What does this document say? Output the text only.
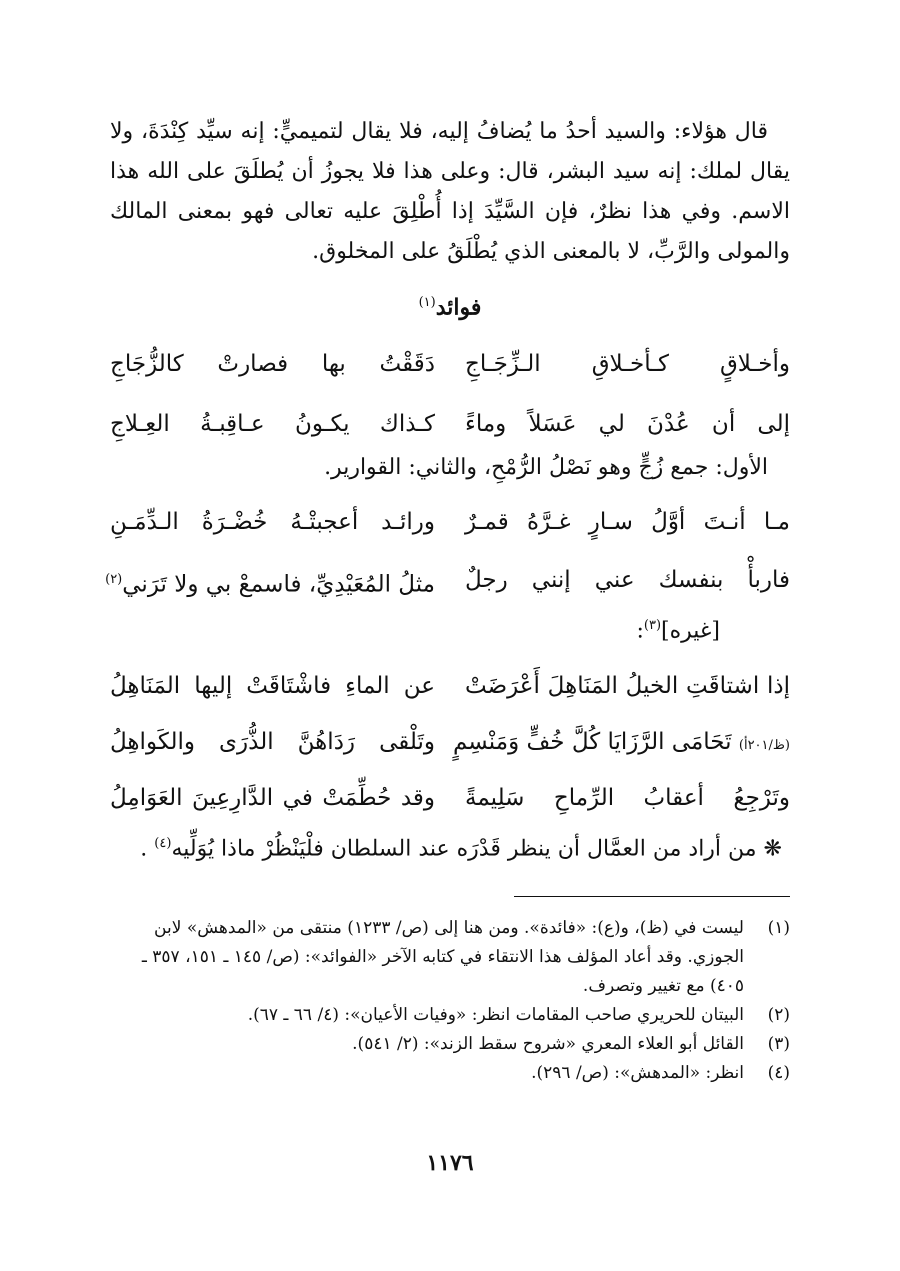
قال هؤلاء: والسيد أحدُ ما يُضافُ إليه، فلا يقال لتميميٍّ: إنه سيِّد كِنْدَةَ، ولا يقال لملك: إنه سيد البشر، قال: وعلى هذا فلا يجوزُ أن يُطلَقَ على الله هذا الاسم. وفي هذا نظرٌ، فإن السَّيِّدَ إذا أُطْلِقَ عليه تعالى فهو بمعنى المالك والمولى والرَّبِّ، لا بالمعنى الذي يُطْلَقُ على المخلوق.

فوائد$^{(١)}$
وأخـلاقٍ كـأخـلاقِ الـزِّجَـاجِ
دَقَقْتُ بها فصارتْ كالزُّجَاجِ
إلى أن عُدْنَ لي عَسَلاً وماءً
كـذاك يكـونُ عـاقِبـةُ العِـلاجِ
الأول: جمع زُجٍّ وهو نَصْلُ الرُّمْحِ، والثاني: القوارير.
مـا أنـتَ أوَّلُ سـارٍ غـرَّهُ قمـرٌ
ورائـد أعجبتْـهُ خُضْـرَةُ الـدِّمَـنِ
فاربأْ بنفسك عني إنني رجلٌ
مثلُ المُعَيْدِيِّ، فاسمعْ بي ولا تَرَني$^{(٢)}$
[غيره]$^{(٣)}$:
إذا اشتاقَتِ الخيلُ المَنَاهِلَ أَعْرَضَتْ
عن الماءِ فاشْتَاقَتْ إليها المَنَاهِلُ
(ظ/٢٠١أ) تَحَامَى الرَّزَايَا كُلَّ خُفٍّ وَمَنْسِمٍ
وتَلْقى رَدَاهُنَّ الذُّرَى والكَواهِلُ
وتَرْجِعُ أعقابُ الرِّماحِ سَلِيمةً
وقد حُطِّمَتْ في الدَّارِعِينَ العَوَامِلُ
❋ من أراد من العمَّال أن ينظر قَدْرَه عند السلطان فلْيَنْظُرْ ماذا يُوَلِّيه$^{(٤)}$ .

(١)
ليست في (ظ)، و(ع): «فائدة». ومن هنا إلى (ص/ ١٢٣٣) منتقى من «المدهش» لابن الجوزي. وقد أعاد المؤلف هذا الانتقاء في كتابه الآخر «الفوائد»: (ص/ ١٤٥ ـ ١٥١، ٣٥٧ ـ ٤٠٥) مع تغيير وتصرف.

(٢)
البيتان للحريري صاحب المقامات انظر: «وفيات الأعيان»: (٤/ ٦٦ ـ ٦٧).

(٣)
القائل أبو العلاء المعري «شروح سقط الزند»: (٢/ ٥٤١).

(٤)
انظر: «المدهش»: (ص/ ٢٩٦).

١١٧٦
